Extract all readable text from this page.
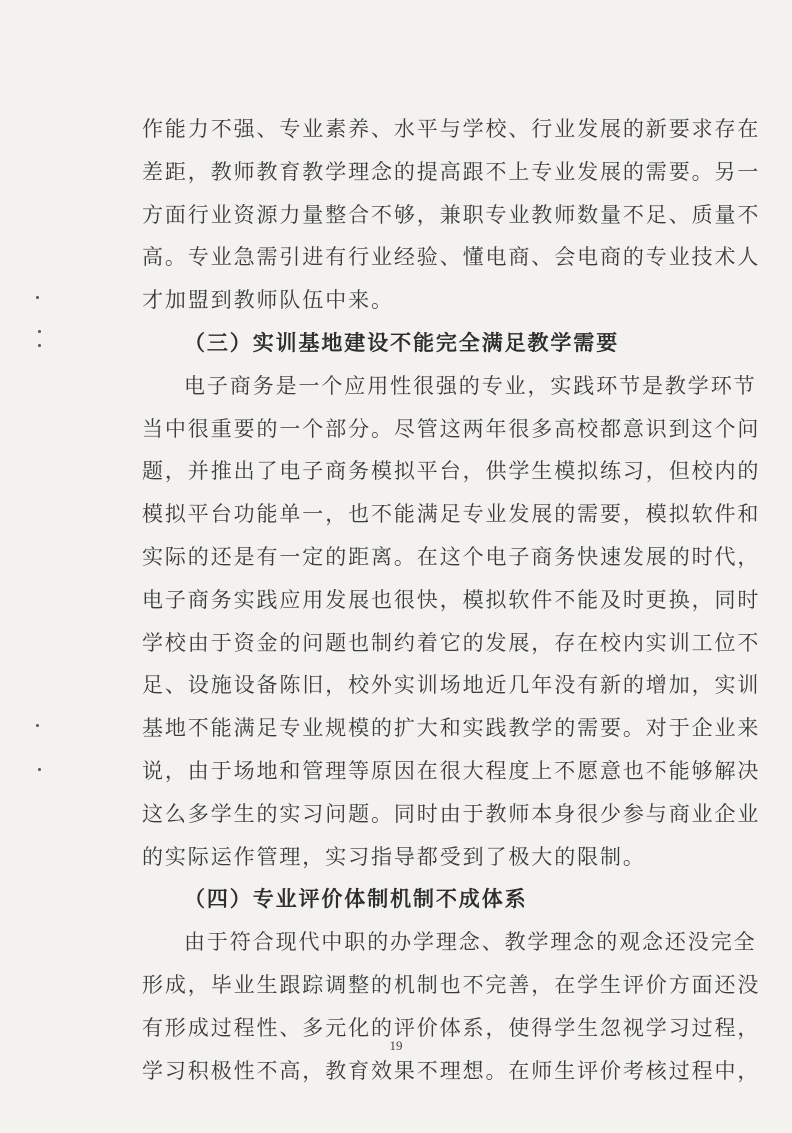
作能力不强、专业素养、水平与学校、行业发展的新要求存在
差距，教师教育教学理念的提高跟不上专业发展的需要。另一
方面行业资源力量整合不够，兼职专业教师数量不足、质量不
高。专业急需引进有行业经验、懂电商、会电商的专业技术人
才加盟到教师队伍中来。
（三）实训基地建设不能完全满足教学需要
电子商务是一个应用性很强的专业，实践环节是教学环节
当中很重要的一个部分。尽管这两年很多高校都意识到这个问
题，并推出了电子商务模拟平台，供学生模拟练习，但校内的
模拟平台功能单一，也不能满足专业发展的需要，模拟软件和
实际的还是有一定的距离。在这个电子商务快速发展的时代，
电子商务实践应用发展也很快，模拟软件不能及时更换，同时
学校由于资金的问题也制约着它的发展，存在校内实训工位不
足、设施设备陈旧，校外实训场地近几年没有新的增加，实训
基地不能满足专业规模的扩大和实践教学的需要。对于企业来
说，由于场地和管理等原因在很大程度上不愿意也不能够解决
这么多学生的实习问题。同时由于教师本身很少参与商业企业
的实际运作管理，实习指导都受到了极大的限制。
（四）专业评价体制机制不成体系
由于符合现代中职的办学理念、教学理念的观念还没完全
形成，毕业生跟踪调整的机制也不完善，在学生评价方面还没
有形成过程性、多元化的评价体系，使得学生忽视学习过程，
学习积极性不高，教育效果不理想。在师生评价考核过程中，
19
